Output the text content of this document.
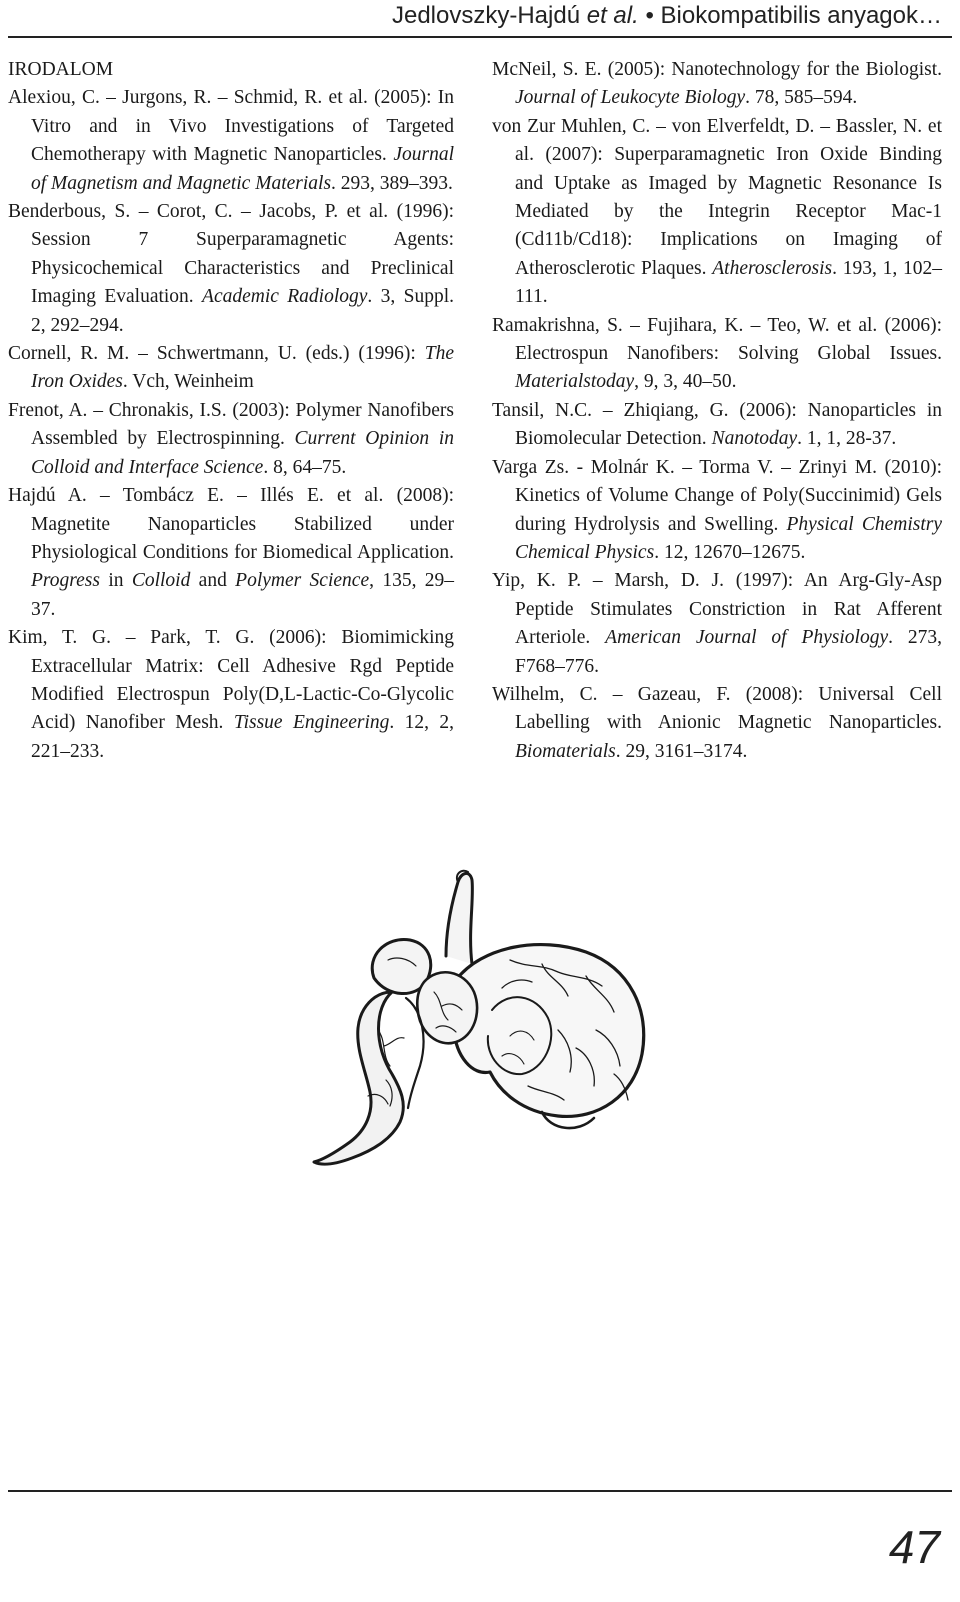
Jedlovszky-Hajdú et al. • Biokompatibilis anyagok…
IRODALOM

Alexiou, C. – Jurgons, R. – Schmid, R. et al. (2005): In Vitro and in Vivo Investigations of Targeted Chemotherapy with Magnetic Nanoparticles. Journal of Magnetism and Magnetic Materials. 293, 389–393.

Benderbous, S. – Corot, C. – Jacobs, P. et al. (1996): Session 7 Superparamagnetic Agents: Physicochemical Characteristics and Preclinical Imaging Evaluation. Academic Radiology. 3, Suppl. 2, 292–294.

Cornell, R. M. – Schwertmann, U. (eds.) (1996): The Iron Oxides. Vch, Weinheim

Frenot, A. – Chronakis, I.S. (2003): Polymer Nanofibers Assembled by Electrospinning. Current Opinion in Colloid and Interface Science. 8, 64–75.

Hajdú A. – Tombácz E. – Illés E. et al. (2008): Magnetite Nanoparticles Stabilized under Physiological Conditions for Biomedical Application. Progress in Colloid and Polymer Science, 135, 29–37.

Kim, T. G. – Park, T. G. (2006): Biomimicking Extracellular Matrix: Cell Adhesive Rgd Peptide Modified Electrospun Poly(D,L-Lactic-Co-Glycolic Acid) Nanofiber Mesh. Tissue Engineering. 12, 2, 221–233.

McNeil, S. E. (2005): Nanotechnology for the Biologist. Journal of Leukocyte Biology. 78, 585–594.

von Zur Muhlen, C. – von Elverfeldt, D. – Bassler, N. et al. (2007): Superparamagnetic Iron Oxide Binding and Uptake as Imaged by Magnetic Resonance Is Mediated by the Integrin Receptor Mac-1 (Cd11b/Cd18): Implications on Imaging of Atherosclerotic Plaques. Atherosclerosis. 193, 1, 102–111.

Ramakrishna, S. – Fujihara, K. – Teo, W. et al. (2006): Electrospun Nanofibers: Solving Global Issues. Materialstoday, 9, 3, 40–50.

Tansil, N.C. – Zhiqiang, G. (2006): Nanoparticles in Biomolecular Detection. Nanotoday. 1, 1, 28-37.

Varga Zs. - Molnár K. – Torma V. – Zrinyi M. (2010): Kinetics of Volume Change of Poly(Succinimid) Gels during Hydrolysis and Swelling. Physical Chemistry Chemical Physics. 12, 12670–12675.

Yip, K. P. – Marsh, D. J. (1997): An Arg-Gly-Asp Peptide Stimulates Constriction in Rat Afferent Arteriole. American Journal of Physiology. 273, F768–776.

Wilhelm, C. – Gazeau, F. (2008): Universal Cell Labelling with Anionic Magnetic Nanoparticles. Biomaterials. 29, 3161–3174.

47
